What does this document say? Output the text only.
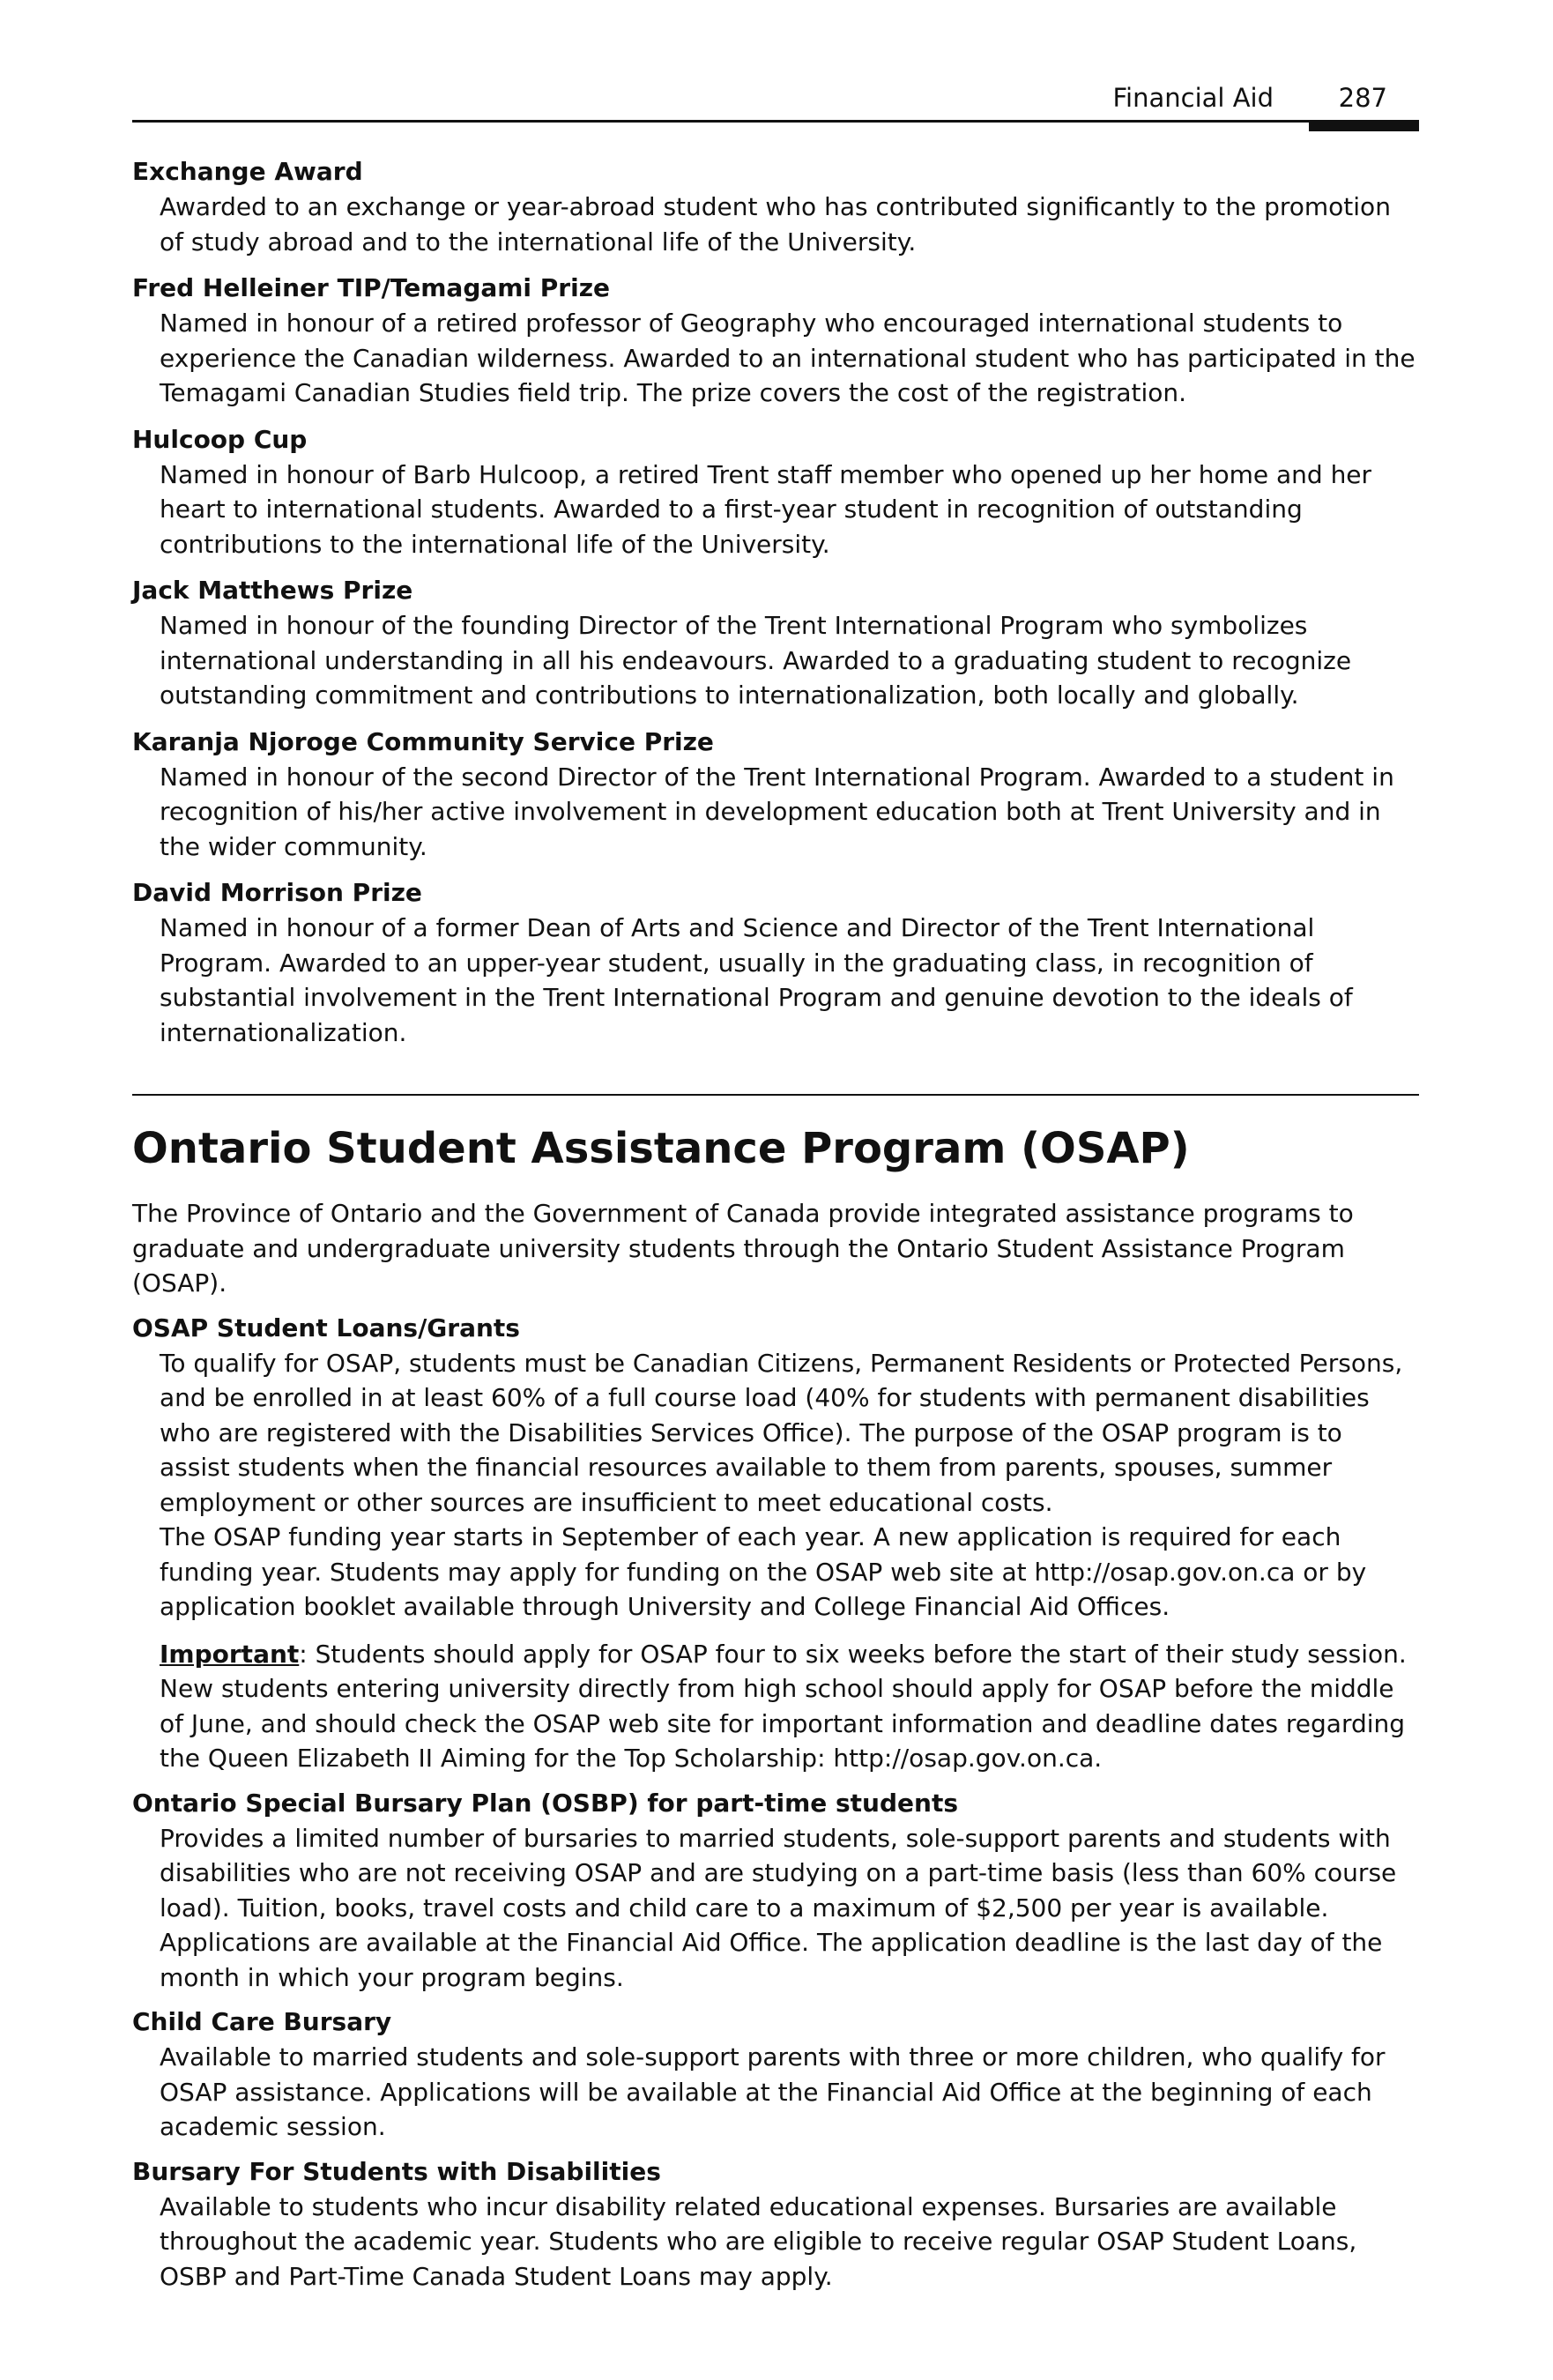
Financial Aid	287
Exchange Award
Awarded to an exchange or year-abroad student who has contributed significantly to the promotion of study abroad and to the international life of the University.
Fred Helleiner TIP/Temagami Prize
Named in honour of a retired professor of Geography who encouraged international students to experience the Canadian wilderness. Awarded to an international student who has participated in the Temagami Canadian Studies field trip. The prize covers the cost of the registration.
Hulcoop Cup
Named in honour of Barb Hulcoop, a retired Trent staff member who opened up her home and her heart to international students. Awarded to a first-year student in recognition of outstanding contributions to the international life of the University.
Jack Matthews Prize
Named in honour of the founding Director of the Trent International Program who symbolizes international understanding in all his endeavours. Awarded to a graduating student to recognize outstanding commitment and contributions to internationalization, both locally and globally.
Karanja Njoroge Community Service Prize
Named in honour of the second Director of the Trent International Program. Awarded to a student in recognition of his/her active involvement in development education both at Trent University and in the wider community.
David Morrison Prize
Named in honour of a former Dean of Arts and Science and Director of the Trent International Program. Awarded to an upper-year student, usually in the graduating class, in recognition of substantial involvement in the Trent International Program and genuine devotion to the ideals of internationalization.
Ontario Student Assistance Program (OSAP)

The Province of Ontario and the Government of Canada provide integrated assistance programs to graduate and undergraduate university students through the Ontario Student Assistance Program (OSAP).

OSAP Student Loans/Grants

To qualify for OSAP, students must be Canadian Citizens, Permanent Residents or Protected Persons, and be enrolled in at least 60% of a full course load (40% for students with permanent disabilities who are registered with the Disabilities Services Office). The purpose of the OSAP program is to assist students when the financial resources available to them from parents, spouses, summer employment or other sources are insufficient to meet educational costs.

The OSAP funding year starts in September of each year. A new application is required for each funding year. Students may apply for funding on the OSAP web site at http://osap.gov.on.ca or by application booklet available through University and College Financial Aid Offices.

Important: Students should apply for OSAP four to six weeks before the start of their study session. New students entering university directly from high school should apply for OSAP before the middle of June, and should check the OSAP web site for important information and deadline dates regarding the Queen Elizabeth II Aiming for the Top Scholarship: http://osap.gov.on.ca.

Ontario Special Bursary Plan (OSBP) for part-time students
Provides a limited number of bursaries to married students, sole-support parents and students with disabilities who are not receiving OSAP and are studying on a part-time basis (less than 60% course load). Tuition, books, travel costs and child care to a maximum of $2,500 per year is available. Applications are available at the Financial Aid Office. The application deadline is the last day of the month in which your program begins.
Child Care Bursary
Available to married students and sole-support parents with three or more children, who qualify for OSAP assistance. Applications will be available at the Financial Aid Office at the beginning of each academic session.
Bursary For Students with Disabilities
Available to students who incur disability related educational expenses. Bursaries are available throughout the academic year. Students who are eligible to receive regular OSAP Student Loans, OSBP and Part-Time Canada Student Loans may apply.
